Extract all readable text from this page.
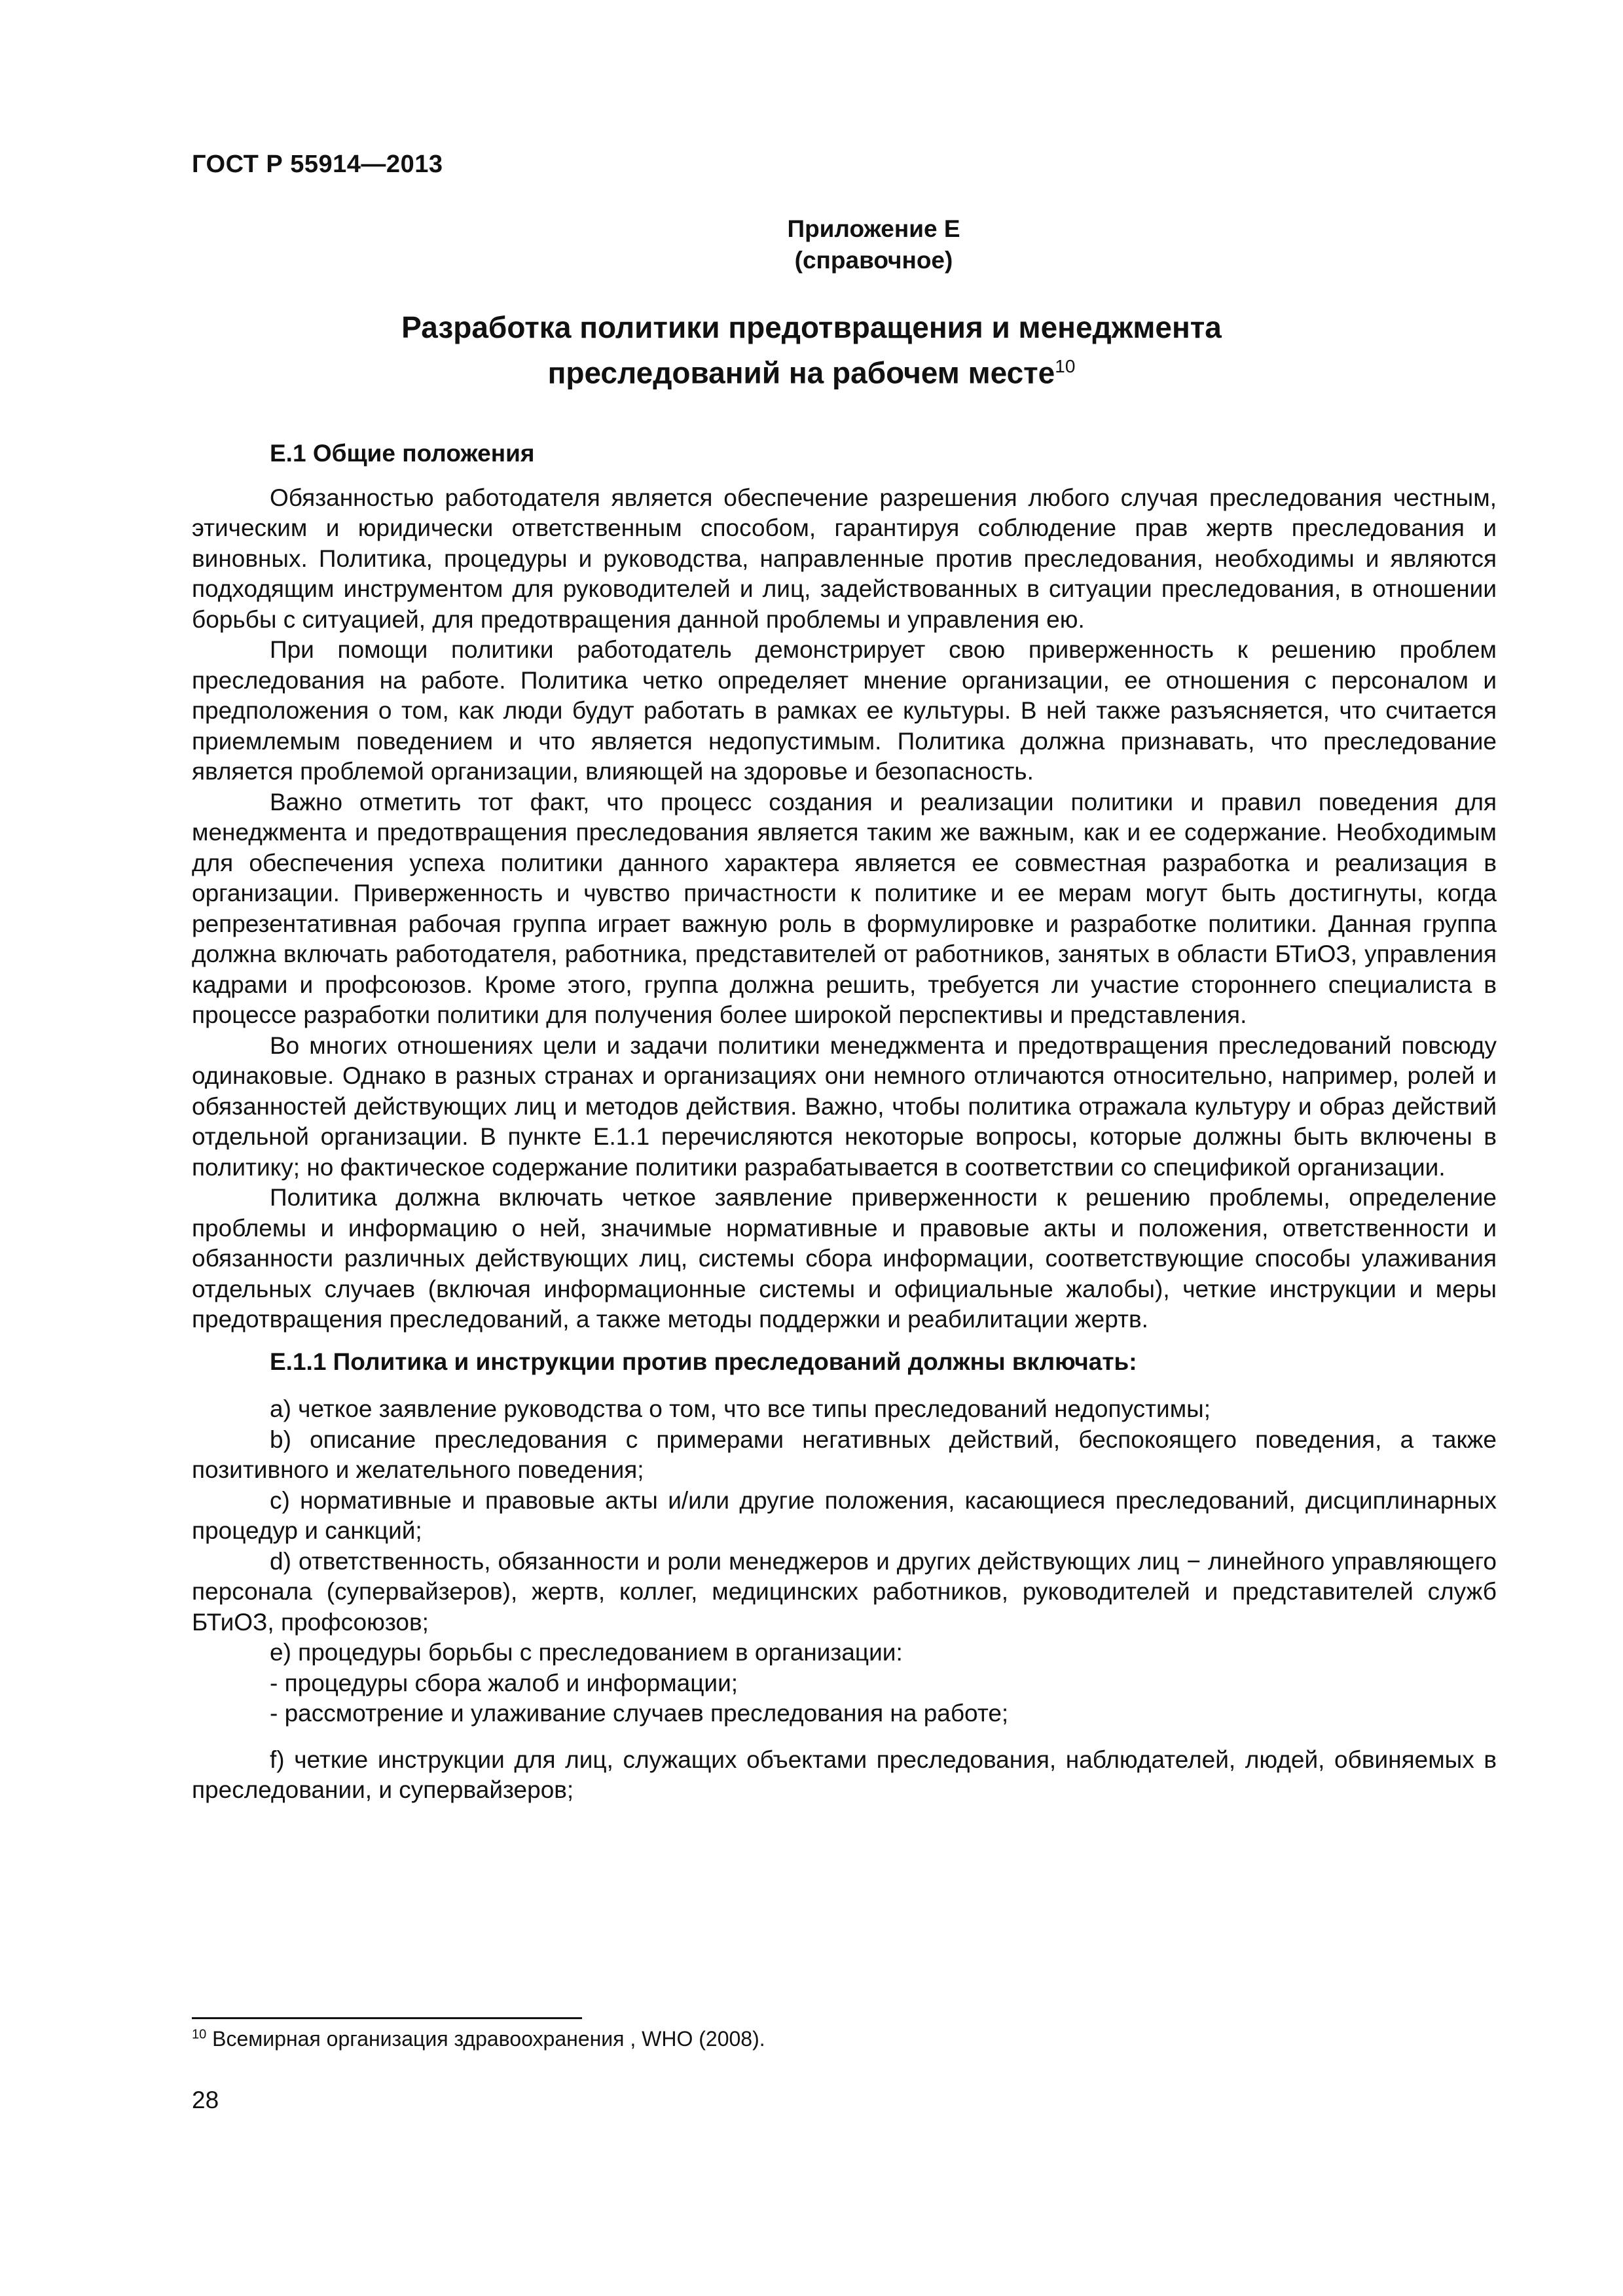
ГОСТ Р 55914—2013
Приложение Е
(справочное)
Разработка политики предотвращения и менеджмента
преследований на рабочем месте$^{10}$
Е.1 Общие положения

Обязанностью работодателя является обеспечение разрешения любого случая преследования честным, этическим и юридически ответственным способом, гарантируя соблюдение прав жертв преследования и виновных. Политика, процедуры и руководства, направленные против преследования, необходимы и являются подходящим инструментом для руководителей и лиц, задействованных в ситуации преследования, в отношении борьбы с ситуацией, для предотвращения данной проблемы и управления ею.

При помощи политики работодатель демонстрирует свою приверженность к решению проблем преследования на работе. Политика четко определяет мнение организации, ее отношения с персоналом и предположения о том, как люди будут работать в рамках ее культуры. В ней также разъясняется, что считается приемлемым поведением и что является недопустимым. Политика должна признавать, что преследование является проблемой организации, влияющей на здоровье и безопасность.

Важно отметить тот факт, что процесс создания и реализации политики и правил поведения для менеджмента и предотвращения преследования является таким же важным, как и ее содержание. Необходимым для обеспечения успеха политики данного характера является ее совместная разработка и реализация в организации. Приверженность и чувство причастности к политике и ее мерам могут быть достигнуты, когда репрезентативная рабочая группа играет важную роль в формулировке и разработке политики. Данная группа должна включать работодателя, работника, представителей от работников, занятых в области БТиОЗ, управления кадрами и профсоюзов. Кроме этого, группа должна решить, требуется ли участие стороннего специалиста в процессе разработки политики для получения более широкой перспективы и представления.

Во многих отношениях цели и задачи политики менеджмента и предотвращения преследований повсюду одинаковые. Однако в разных странах и организациях они немного отличаются относительно, например, ролей и обязанностей действующих лиц и методов действия. Важно, чтобы политика отражала культуру и образ действий отдельной организации. В пункте Е.1.1 перечисляются некоторые вопросы, которые должны быть включены в политику; но фактическое содержание политики разрабатывается в соответствии со спецификой организации.

Политика должна включать четкое заявление приверженности к решению проблемы, определение проблемы и информацию о ней, значимые нормативные и правовые акты и положения, ответственности и обязанности различных действующих лиц, системы сбора информации, соответствующие способы улаживания отдельных случаев (включая информационные системы и официальные жалобы), четкие инструкции и меры предотвращения преследований, а также методы поддержки и реабилитации жертв.

Е.1.1 Политика и инструкции против преследований должны включать:

a) четкое заявление руководства о том, что все типы преследований недопустимы;

b) описание преследования с примерами негативных действий, беспокоящего поведения, а также позитивного и желательного поведения;

c) нормативные и правовые акты и/или другие положения, касающиеся преследований, дисциплинарных процедур и санкций;

d) ответственность, обязанности и роли менеджеров и других действующих лиц − линейного управляющего персонала (супервайзеров), жертв, коллег, медицинских работников, руководителей и представителей служб БТиОЗ, профсоюзов;

e) процедуры борьбы с преследованием в организации:

- процедуры сбора жалоб и информации;

- рассмотрение и улаживание случаев преследования на работе;

f) четкие инструкции для лиц, служащих объектами преследования, наблюдателей, людей, обвиняемых в преследовании, и супервайзеров;

$^{10}$ Всемирная организация здравоохранения , WHO (2008).
28
